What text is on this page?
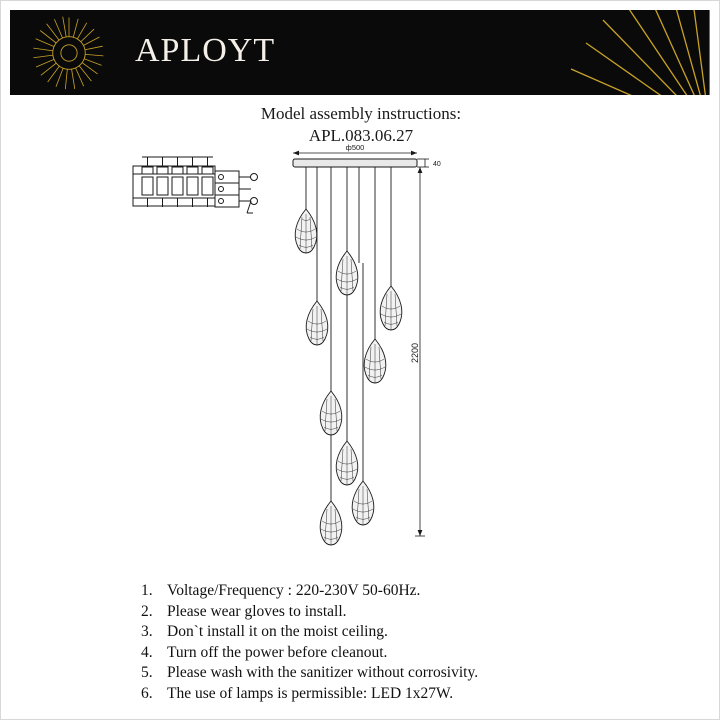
APLOYT
Model assembly instructions:
APL.083.06.27
ф500
40
2200
1. Voltage/Frequency : 220-230V 50-60Hz.
2. Please wear gloves to install.
3. Don`t install it on the moist ceiling.
4. Turn off the power before cleanout.
5. Please wash with the sanitizer without corrosivity.
6. The use of lamps is permissible: LED 1x27W.
